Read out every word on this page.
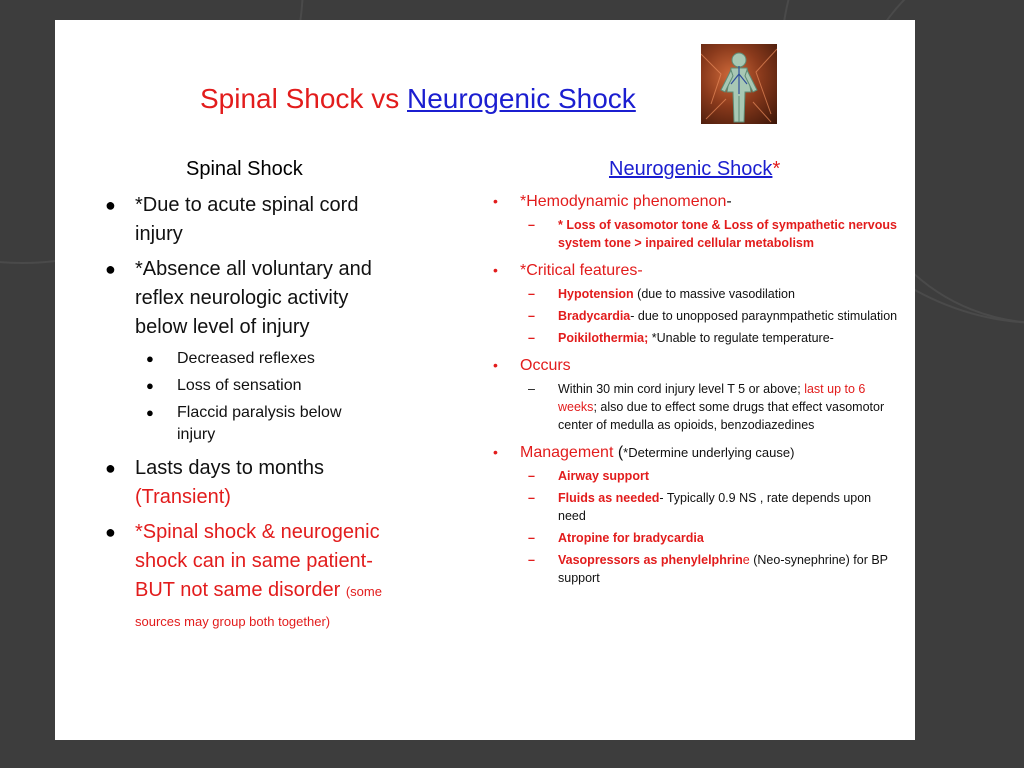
Spinal Shock vs Neurogenic Shock
Spinal Shock
● *Due to acute spinal cord injury
● *Absence all voluntary and reflex neurologic activity below level of injury
● Decreased reflexes
● Loss of sensation
● Flaccid paralysis below injury
● Lasts days to months (Transient)
● *Spinal shock & neurogenic shock can in same patient-BUT not same disorder (some sources may group both together)
Neurogenic Shock*
• *Hemodynamic phenomenon-
– * Loss of vasomotor tone & Loss of sympathetic nervous system tone > inpaired cellular metabolism
• *Critical features-
– Hypotension (due to massive vasodilation
– Bradycardia- due to unopposed paraynmpathetic stimulation
– Poikilothermia; *Unable to regulate temperature-
• Occurs
– Within 30 min cord injury level T 5 or above; last up to 6 weeks; also due to effect some drugs that effect vasomotor center of medulla as opioids, benzodiazedines
• Management (*Determine underlying cause)
– Airway support
– Fluids as needed- Typically 0.9 NS , rate depends upon need
– Atropine for bradycardia
– Vasopressors as phenylelphrine (Neo-synephrine) for BP support
